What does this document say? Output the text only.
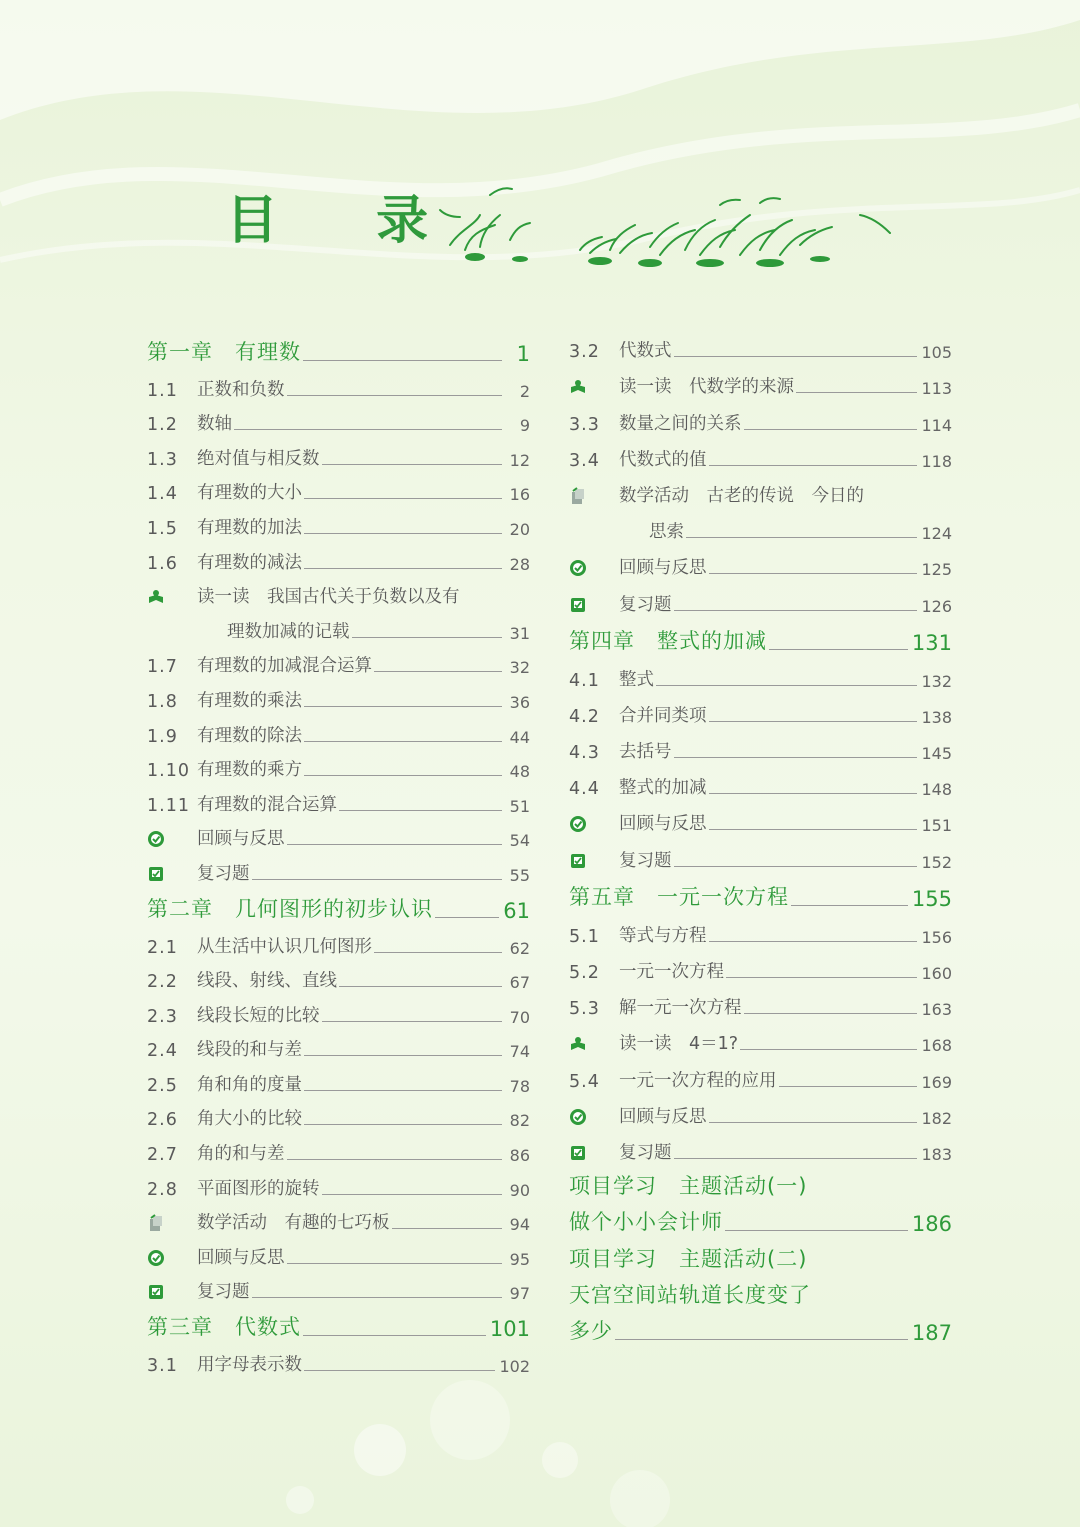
目 录
第一章　有理数	1
1.1	正数和负数	2
1.2	数轴	9
1.3	绝对值与相反数	12
1.4	有理数的大小	16
1.5	有理数的加法	20
1.6	有理数的减法	28
读一读　我国古代关于负数以及有
理数加减的记载	31
1.7	有理数的加减混合运算	32
1.8	有理数的乘法	36
1.9	有理数的除法	44
1.10 有理数的乘方	48
1.11 有理数的混合运算	51
回顾与反思	54
复习题	55
第二章　几何图形的初步认识	61
2.1	从生活中认识几何图形	62
2.2	线段、射线、直线	67
2.3	线段长短的比较	70
2.4	线段的和与差	74
2.5	角和角的度量	78
2.6	角大小的比较	82
2.7	角的和与差	86
2.8	平面图形的旋转	90
数学活动　有趣的七巧板	94
回顾与反思	95
复习题	97
第三章　代数式	101
3.1	用字母表示数	102
3.2	代数式	105
读一读　代数学的来源	113
3.3	数量之间的关系	114
3.4	代数式的值	118
数学活动　古老的传说　今日的
思索	124
回顾与反思	125
复习题	126
第四章　整式的加减	131
4.1	整式	132
4.2	合并同类项	138
4.3	去括号	145
4.4	整式的加减	148
回顾与反思	151
复习题	152
第五章　一元一次方程	155
5.1	等式与方程	156
5.2	一元一次方程	160
5.3	解一元一次方程	163
读一读　4＝1?	168
5.4	一元一次方程的应用	169
回顾与反思	182
复习题	183
项目学习　主题活动(一)
做个小小会计师	186
项目学习　主题活动(二)
天宫空间站轨道长度变了
多少	187
